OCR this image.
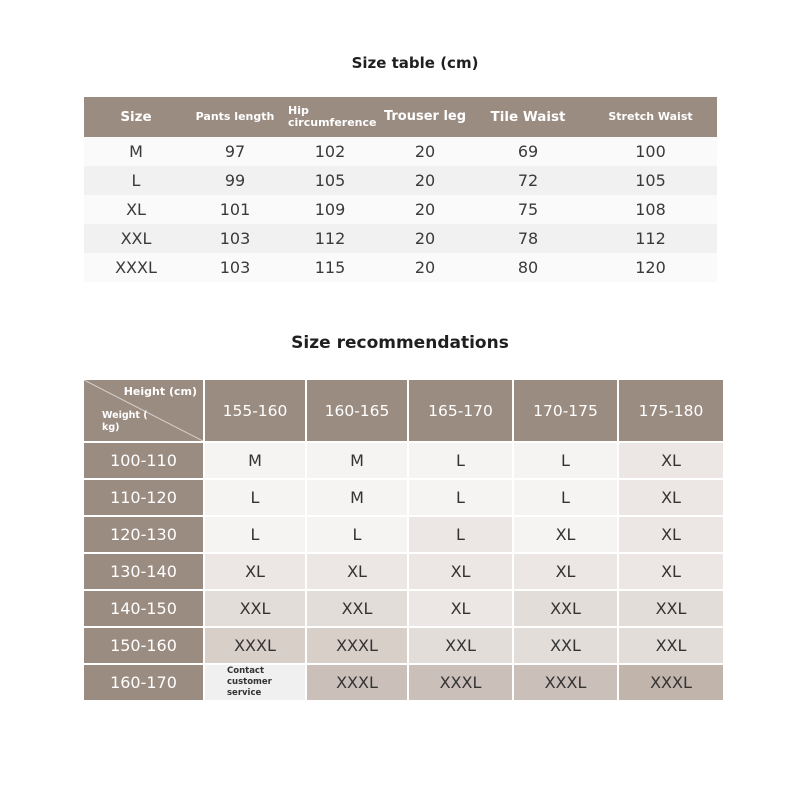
Size table (cm)
Size	Pants length	Hip circumference	Trouser leg	Tile Waist	Stretch Waist
M	97	102	20	69	100
L	99	105	20	72	105
XL	101	109	20	75	108
XXL	103	112	20	78	112
XXXL	103	115	20	80	120
Size recommendations
Height (cm)
Weight ( kg)	155-160	160-165	165-170	170-175	175-180
100-110	M	M	L	L	XL
110-120	L	M	L	L	XL
120-130	L	L	L	XL	XL
130-140	XL	XL	XL	XL	XL
140-150	XXL	XXL	XL	XXL	XXL
150-160	XXXL	XXXL	XXL	XXL	XXL
160-170	Contact customer service	XXXL	XXXL	XXXL	XXXL
